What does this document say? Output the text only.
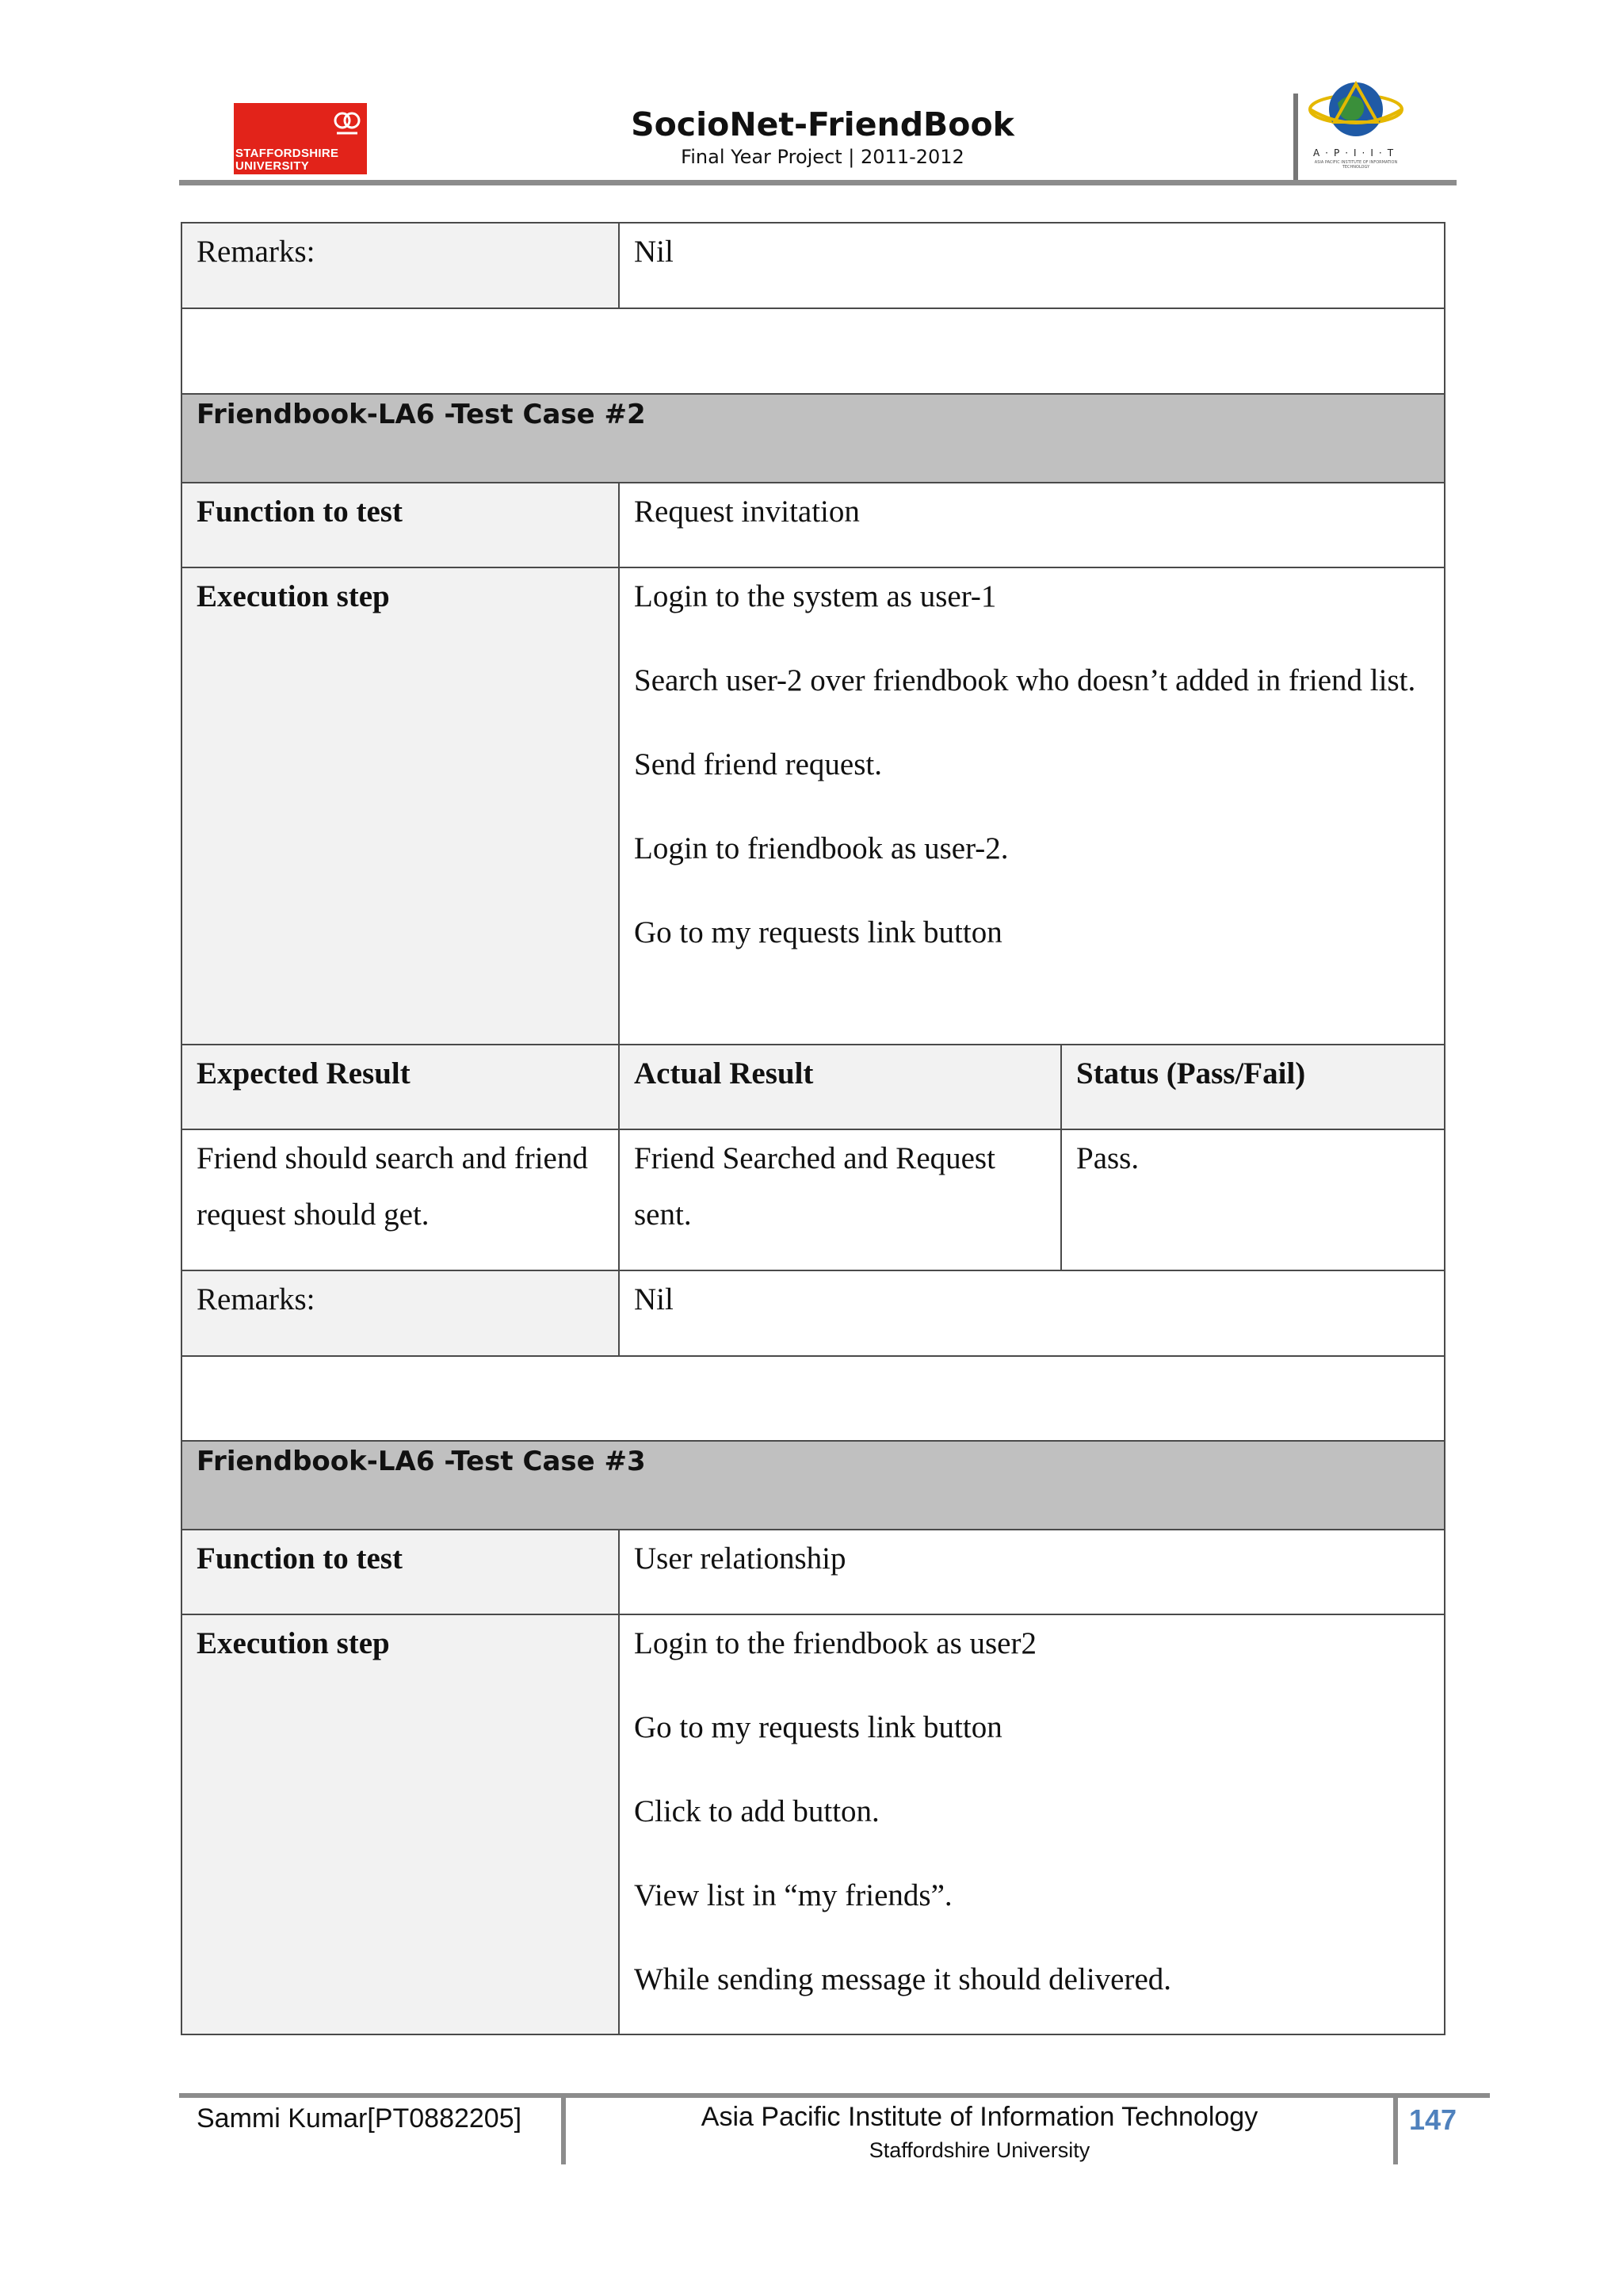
STAFFORDSHIRE
UNIVERSITY
SocioNet-FriendBook
Final Year Project | 2011-2012	A·P·I·I·T
ASIA PACIFIC INSTITUTE OF INFORMATION TECHNOLOGY
Remarks:	Nil	

Friendbook-LA6 -Test Case #2		

Function to test	Request invitation	

Execution step	Login to the system as user-1
Search user-2 over friendbook who doesn’t added in friend list.
Send friend request.
Login to friendbook as user-2.
Go to my requests link button	

Expected Result	Actual Result	Status (Pass/Fail)

Friend should search and friend request should get.	Friend Searched and Request sent.	Pass.

Remarks:	Nil	

Friendbook-LA6 -Test Case #3		

Function to test	User relationship	

Execution step	Login to the friendbook as user2
Go to my requests link button
Click to add button.
View list in “my friends”.
While sending message it should delivered.	
Sammi Kumar[PT0882205]	Asia Pacific Institute of Information Technology
Staffordshire University
147
